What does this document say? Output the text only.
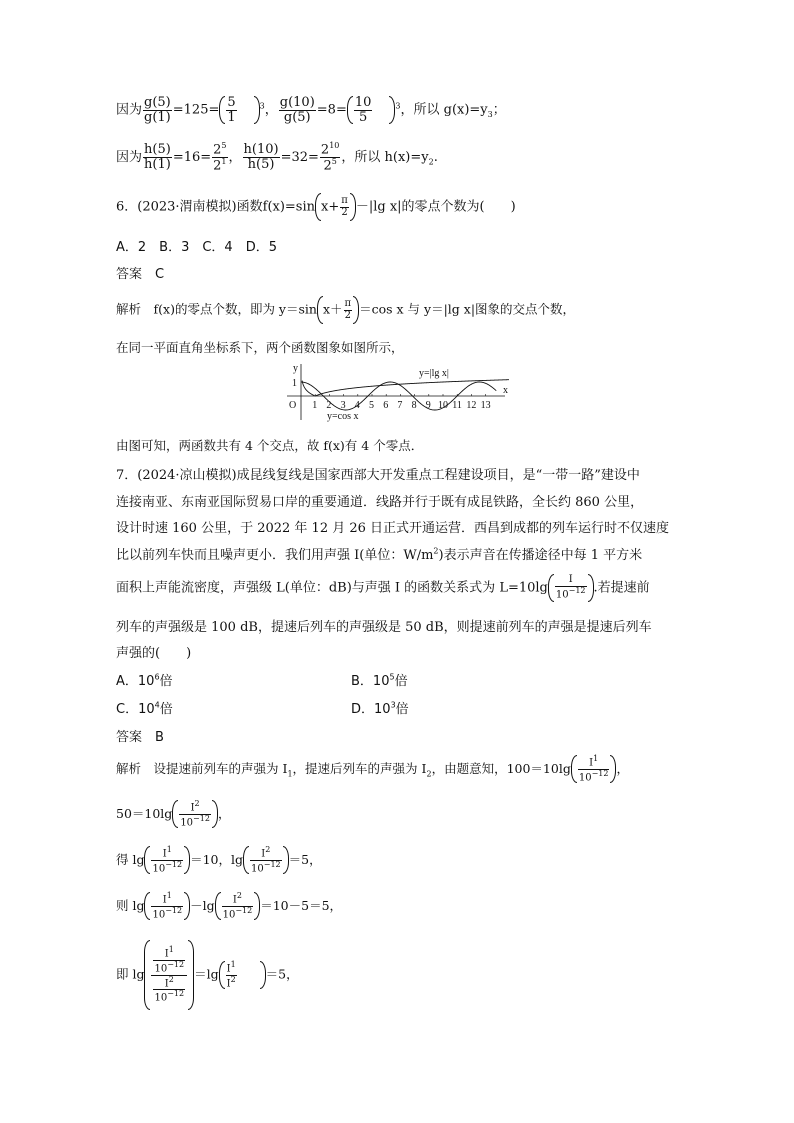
因为 $\frac{g(5)}{g(1)} =125= \frac{5}{1}$	$^3$， $\frac{g(10)}{g(5)} =8= \frac{10}{5}$	$^3$，所以 $g(x)=y_3$；
因为 $\frac{h(5)}{h(1)} =16= \frac{2^5}{2^1}$ ， $\frac{h(10)}{h(5)} =32= \frac{2^{10}}{2^5}$ ，所以 $h(x)=y_2$.
6．(2023·渭南模拟)函数f(x)=sin $x+ \frac{\pi}{2} -|\lg$ x|的零点个数为(　　)
A．2　B．3　C．4　D．5
答案　 C
解析　 f(x)的零点个数，即为 y＝sin $x+ \frac{\pi}{2} =\cos$ x 与 y＝|lg x|图象的交点个数，
在同一平面直角坐标系下，两个函数图象如图所示，
x
y
O
1
1 2 3 4 5 6 7 8 9 10 11 12 13
y=|lg x|
y=cos x
由图可知，两函数共有 4 个交点，故 f(x)有 4 个零点．
7．(2024·凉山模拟)成昆线复线是国家西部大开发重点工程建设项目，是“一带一路”建设中
连接南亚、东南亚国际贸易口岸的重要通道．线路并行于既有成昆铁路，全长约 860 公里，
设计时速 160 公里，于 2022 年 12 月 26 日正式开通运营．西昌到成都的列车运行时不仅速度
比以前列车快而且噪声更小．我们用声强 I(单位：$W/m^2$)表示声音在传播途径中每 1 平方米
面积上声能流密度，声强级 L(单位：dB)与声强 I 的函数关系式为 $L=10\lg \frac{I}{10^{-12}}$ .若提速前
列车的声强级是 100 dB，提速后列车的声强级是 50 dB，则提速前列车的声强是提速后列车
声强的(　　)
A．$10^6$倍	B．$10^5$倍
C．$10^4$倍	D．$10^3$倍
答案　 B
解析　 设提速前列车的声强为 $I_1$，提速后列车的声强为 $I_2$，由题意知，$100=10\lg \frac{I^1}{10^{-12}}$ ，
$50=10\lg \frac{I^2}{10^{-12}}$ ，
得 $\lg \frac{I^1}{10^{-12}} =10$，$\lg \frac{I^2}{10^{-12}} =5$，
则 $\lg \frac{I^1}{10^{-12}} -\lg \frac{I^2}{10^{-12}} =10-5=5$，
即 $\lg \frac{\frac{I^1}{10^{-12}}}{\frac{I^2}{10^{-12}}} =\lg \frac{I^1}{I^2} =5$，
